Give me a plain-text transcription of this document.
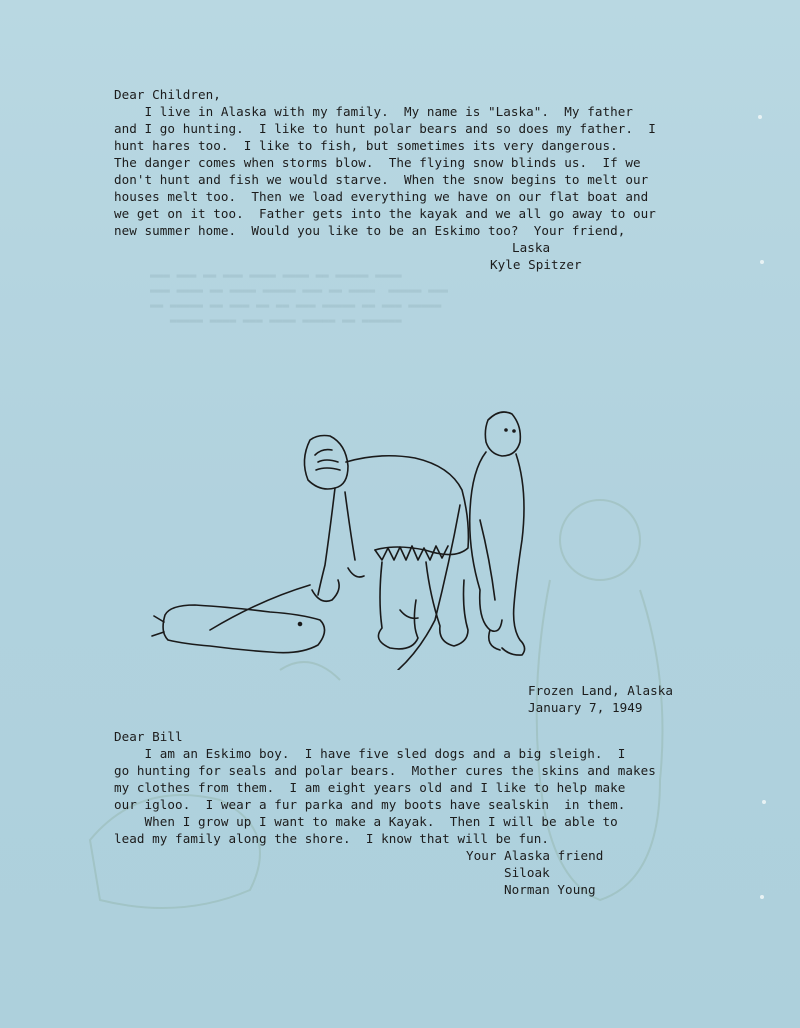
▬▬▬ ▬▬▬ ▬▬ ▬▬▬ ▬▬▬▬ ▬▬▬▬ ▬▬ ▬▬▬▬▬ ▬▬▬▬
▬▬▬ ▬▬▬▬ ▬▬ ▬▬▬▬ ▬▬▬▬▬ ▬▬▬ ▬▬ ▬▬▬▬  ▬▬▬▬▬ ▬▬▬
▬▬ ▬▬▬▬▬ ▬▬ ▬▬▬ ▬▬ ▬▬ ▬▬▬ ▬▬▬▬▬ ▬▬ ▬▬▬ ▬▬▬▬▬
▬▬▬▬▬ ▬▬▬▬ ▬▬▬ ▬▬▬▬ ▬▬▬▬▬ ▬▬ ▬▬▬▬▬▬
Dear Children,
I live in Alaska with my family.  My name is "Laska".  My father
and I go hunting.  I like to hunt polar bears and so does my father.  I
hunt hares too.  I like to fish, but sometimes its very dangerous.
The danger comes when storms blow.  The flying snow blinds us.  If we
don't hunt and fish we would starve.  When the snow begins to melt our
houses melt too.  Then we load everything we have on our flat boat and
we get on it too.  Father gets into the kayak and we all go away to our
new summer home.  Would you like to be an Eskimo too?  Your friend,
Laska
Kyle Spitzer
Frozen Land, Alaska
January 7, 1949
Dear Bill
I am an Eskimo boy.  I have five sled dogs and a big sleigh.  I
go hunting for seals and polar bears.  Mother cures the skins and makes
my clothes from them.  I am eight years old and I like to help make
our igloo.  I wear a fur parka and my boots have sealskin  in them.
When I grow up I want to make a Kayak.  Then I will be able to
lead my family along the shore.  I know that will be fun.
Your Alaska friend
Siloak
Norman Young
